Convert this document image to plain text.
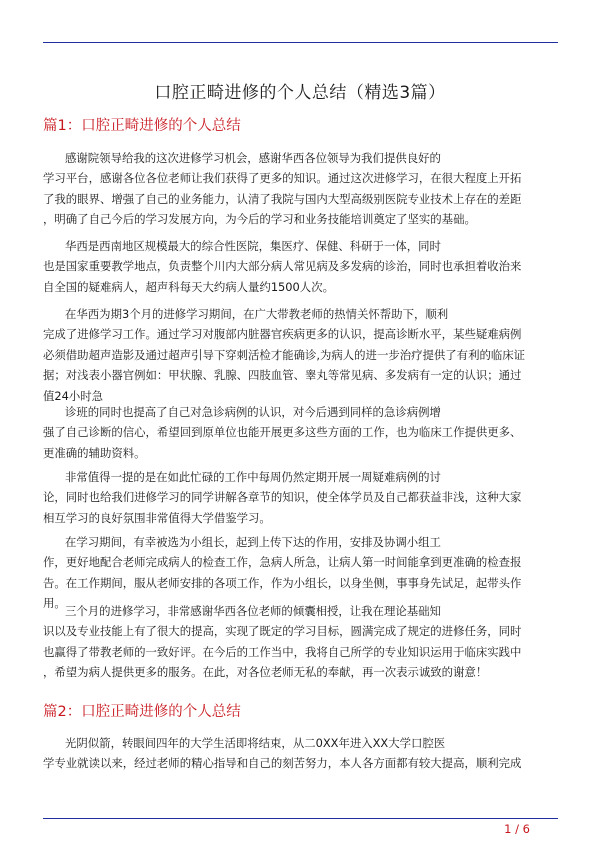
口腔正畸进修的个人总结（精选3篇）
篇1：口腔正畸进修的个人总结
感谢院领导给我的这次进修学习机会，感谢华西各位领导为我们提供良好的
学习平台，感谢各位各位老师让我们获得了更多的知识。通过这次进修学习，在很大程度上开拓
了我的眼界、增强了自己的业务能力，认清了我院与国内大型高级别医院专业技术上存在的差距
，明确了自己今后的学习发展方向，为今后的学习和业务技能培训奠定了坚实的基础。
华西是西南地区规模最大的综合性医院，集医疗、保健、科研于一体，同时
也是国家重要教学地点，负责整个川内大部分病人常见病及多发病的诊治，同时也承担着收治来
自全国的疑难病人，超声科每天大约病人量约1500人次。
在华西为期3个月的进修学习期间，在广大带教老师的热情关怀帮助下，顺利
完成了进修学习工作。通过学习对腹部内脏器官疾病更多的认识，提高诊断水平，某些疑难病例
必须借助超声造影及通过超声引导下穿刺活检才能确诊,为病人的进一步治疗提供了有利的临床证
据；对浅表小器官例如：甲状腺、乳腺、四肢血管、睾丸等常见病、多发病有一定的认识；通过
值24小时急
诊班的同时也提高了自己对急诊病例的认识，对今后遇到同样的急诊病例增
强了自己诊断的信心，希望回到原单位也能开展更多这些方面的工作，也为临床工作提供更多、
更准确的辅助资料。
非常值得一提的是在如此忙碌的工作中每周仍然定期开展一周疑难病例的讨
论，同时也给我们进修学习的同学讲解各章节的知识，使全体学员及自己都获益非浅，这种大家
相互学习的良好氛围非常值得大学借鉴学习。
在学习期间，有幸被选为小组长，起到上传下达的作用，安排及协调小组工
作，更好地配合老师完成病人的检查工作，急病人所急，让病人第一时间能拿到更准确的检查报
告。在工作期间，服从老师安排的各项工作，作为小组长，以身坐侧，事事身先试足，起带头作
用。
三个月的进修学习，非常感谢华西各位老师的倾囊相授，让我在理论基础知
识以及专业技能上有了很大的提高，实现了既定的学习目标，圆满完成了规定的进修任务，同时
也赢得了带教老师的一致好评。在今后的工作当中，我将自己所学的专业知识运用于临床实践中
，希望为病人提供更多的服务。在此，对各位老师无私的奉献，再一次表示诚致的谢意！
篇2：口腔正畸进修的个人总结
光阴似箭，转眼间四年的大学生活即将结束，从二0XX年进入XX大学口腔医
学专业就读以来，经过老师的精心指导和自己的刻苦努力，本人各方面都有较大提高，顺利完成
1 / 6
